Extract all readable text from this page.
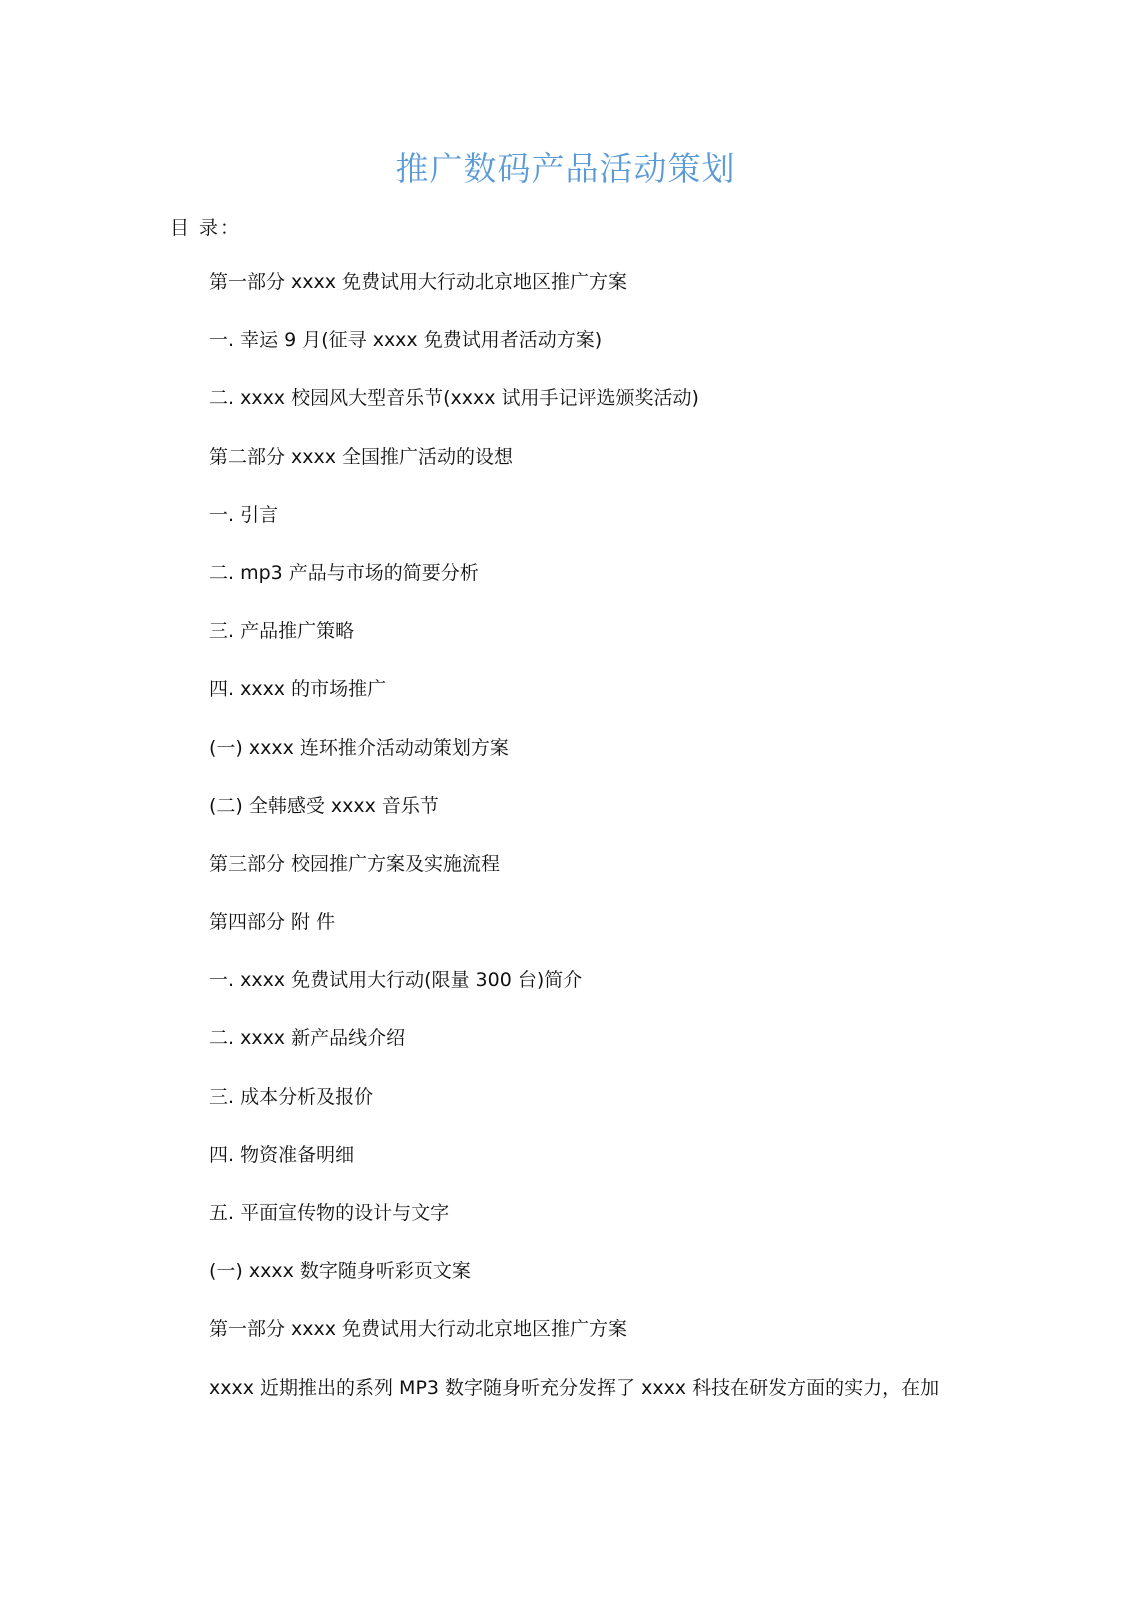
推广数码产品活动策划
目 录：
第一部分 xxxx 免费试用大行动北京地区推广方案
一. 幸运 9 月(征寻 xxxx 免费试用者活动方案)
二. xxxx 校园风大型音乐节(xxxx 试用手记评选颁奖活动)
第二部分 xxxx 全国推广活动的设想
一. 引言
二. mp3 产品与市场的简要分析
三. 产品推广策略
四. xxxx 的市场推广
(一) xxxx 连环推介活动动策划方案
(二) 全韩感受 xxxx 音乐节
第三部分 校园推广方案及实施流程
第四部分 附 件
一. xxxx 免费试用大行动(限量 300 台)简介
二. xxxx 新产品线介绍
三. 成本分析及报价
四. 物资准备明细
五. 平面宣传物的设计与文字
(一) xxxx 数字随身听彩页文案
第一部分 xxxx 免费试用大行动北京地区推广方案

xxxx 近期推出的系列 MP3 数字随身听充分发挥了 xxxx 科技在研发方面的实力，在加
